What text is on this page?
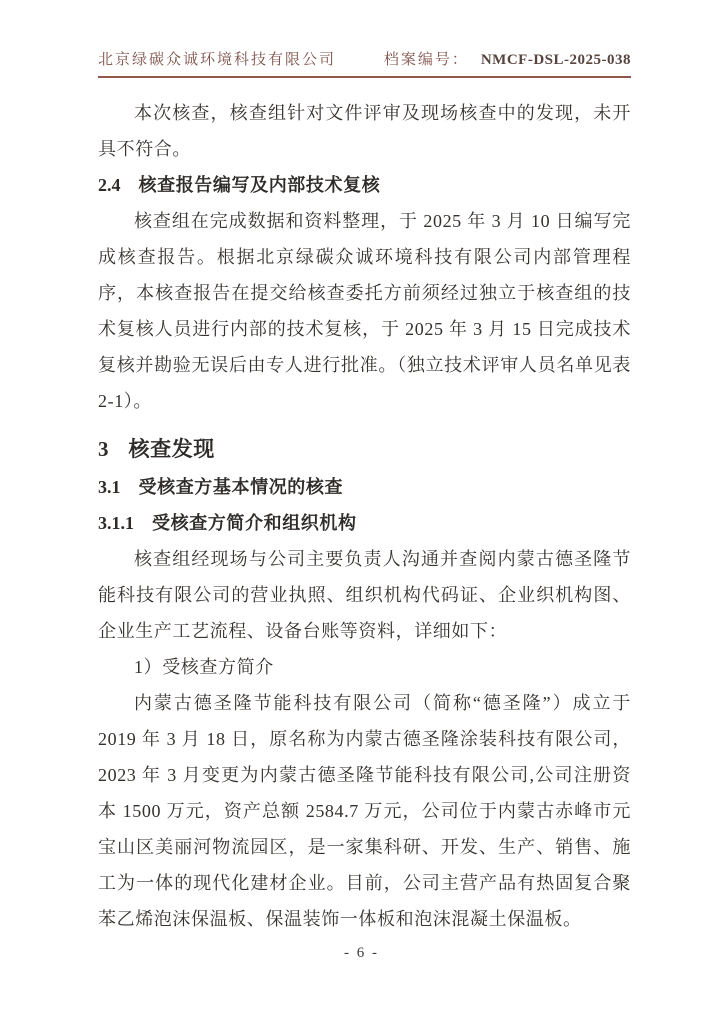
北京绿碳众诚环境科技有限公司	档案编号： NMCF-DSL-2025-038

本次核查，核查组针对文件评审及现场核查中的发现，未开具不符合。

2.4 核查报告编写及内部技术复核

核查组在完成数据和资料整理，于 2025 年 3 月 10 日编写完成核查报告。根据北京绿碳众诚环境科技有限公司内部管理程序，本核查报告在提交给核查委托方前须经过独立于核查组的技术复核人员进行内部的技术复核，于 2025 年 3 月 15 日完成技术复核并勘验无误后由专人进行批准。（独立技术评审人员名单见表 2-1）。

3 核查发现
3.1 受核查方基本情况的核查
3.1.1 受核查方简介和组织机构

核查组经现场与公司主要负责人沟通并查阅内蒙古德圣隆节能科技有限公司的营业执照、组织机构代码证、企业织机构图、企业生产工艺流程、设备台账等资料，详细如下：

1）受核查方简介

内蒙古德圣隆节能科技有限公司（简称“德圣隆”）成立于 2019 年 3 月 18 日，原名称为内蒙古德圣隆涂装科技有限公司，2023 年 3 月变更为内蒙古德圣隆节能科技有限公司,公司注册资本 1500 万元，资产总额 2584.7 万元，公司位于内蒙古赤峰市元宝山区美丽河物流园区，是一家集科研、开发、生产、销售、施工为一体的现代化建材企业。目前，公司主营产品有热固复合聚苯乙烯泡沫保温板、保温装饰一体板和泡沫混凝土保温板。

- 6 -
